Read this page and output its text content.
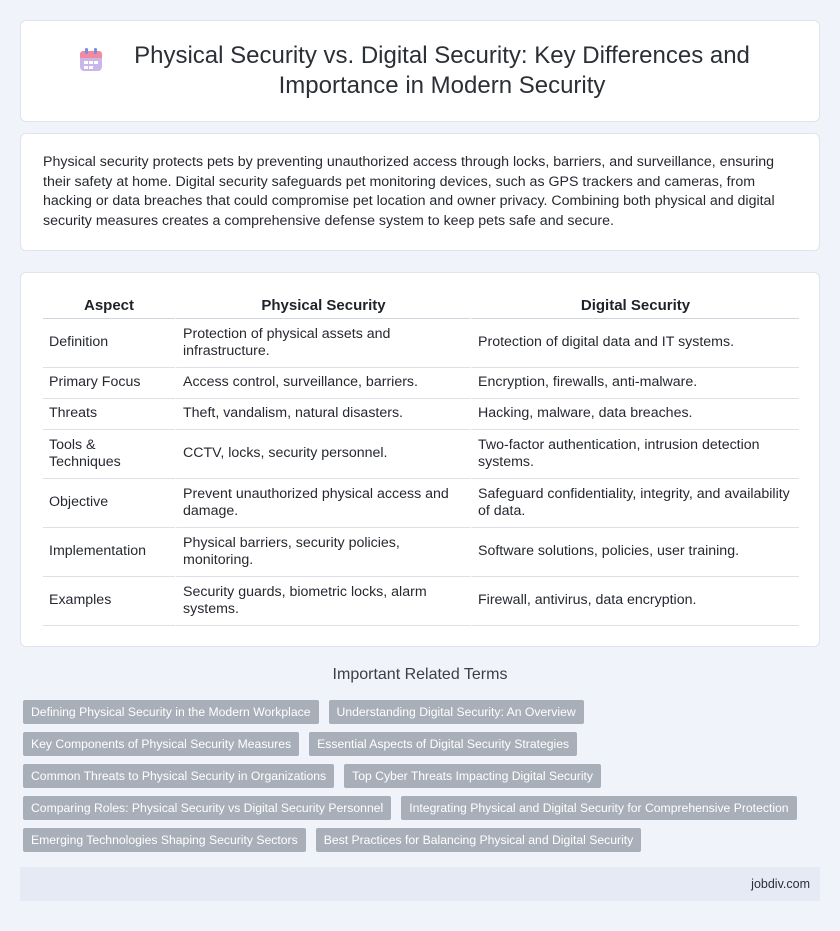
Physical Security vs. Digital Security: Key Differences and Importance in Modern Security

Physical security protects pets by preventing unauthorized access through locks, barriers, and surveillance, ensuring their safety at home. Digital security safeguards pet monitoring devices, such as GPS trackers and cameras, from hacking or data breaches that could compromise pet location and owner privacy. Combining both physical and digital security measures creates a comprehensive defense system to keep pets safe and secure.

Aspect	Physical Security	Digital Security
Definition	Protection of physical assets and infrastructure.	Protection of digital data and IT systems.
Primary Focus	Access control, surveillance, barriers.	Encryption, firewalls, anti-malware.
Threats	Theft, vandalism, natural disasters.	Hacking, malware, data breaches.
Tools & Techniques	CCTV, locks, security personnel.	Two-factor authentication, intrusion detection systems.
Objective	Prevent unauthorized physical access and damage.	Safeguard confidentiality, integrity, and availability of data.
Implementation	Physical barriers, security policies, monitoring.	Software solutions, policies, user training.
Examples	Security guards, biometric locks, alarm systems.	Firewall, antivirus, data encryption.
Important Related Terms
Defining Physical Security in the Modern Workplace	Understanding Digital Security: An Overview
Key Components of Physical Security Measures	Essential Aspects of Digital Security Strategies
Common Threats to Physical Security in Organizations	Top Cyber Threats Impacting Digital Security
Comparing Roles: Physical Security vs Digital Security Personnel	Integrating Physical and Digital Security for Comprehensive Protection
Emerging Technologies Shaping Security Sectors	Best Practices for Balancing Physical and Digital Security
jobdiv.com
